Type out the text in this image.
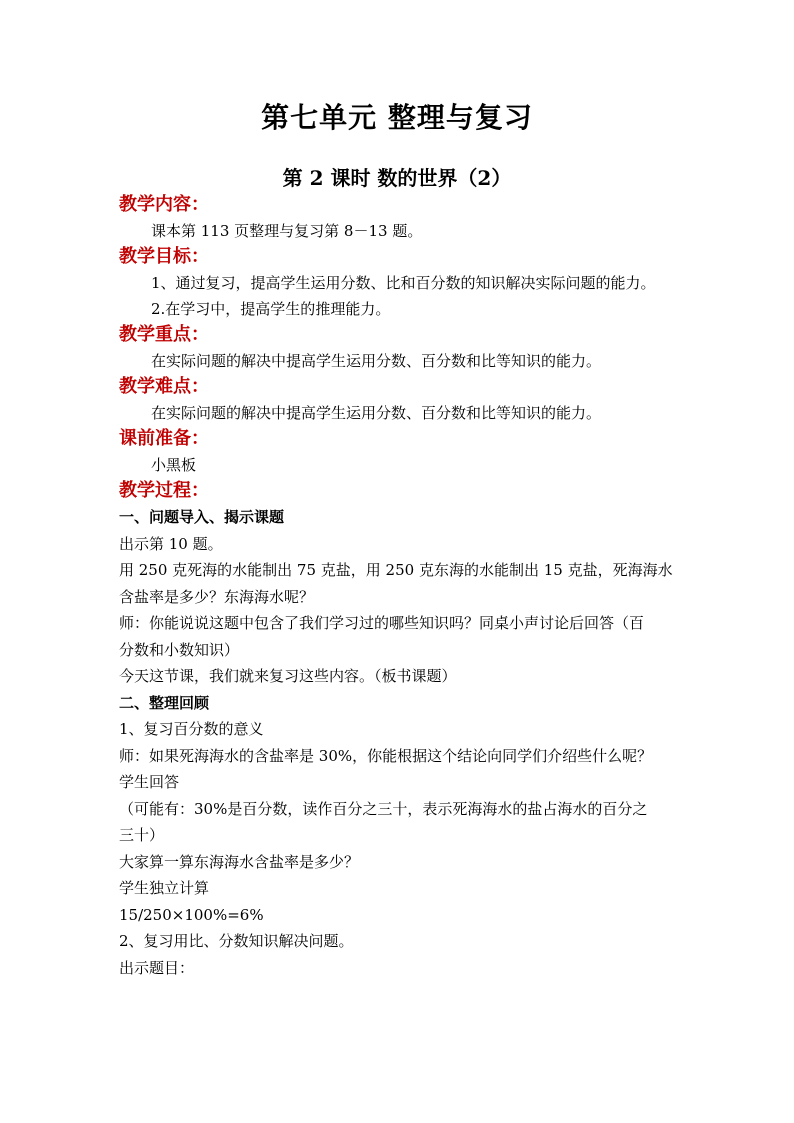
第七单元 整理与复习
第 2 课时 数的世界（2）

教学内容：

课本第 113 页整理与复习第 8－13 题。

教学目标：

1、通过复习，提高学生运用分数、比和百分数的知识解决实际问题的能力。

2.在学习中，提高学生的推理能力。

教学重点：

在实际问题的解决中提高学生运用分数、百分数和比等知识的能力。

教学难点：

在实际问题的解决中提高学生运用分数、百分数和比等知识的能力。

课前准备：

小黑板

教学过程：

一、问题导入、揭示课题

出示第 10 题。

用 250 克死海的水能制出 75 克盐，用 250 克东海的水能制出 15 克盐，死海海水

含盐率是多少？东海海水呢？

师：你能说说这题中包含了我们学习过的哪些知识吗？同桌小声讨论后回答（百

分数和小数知识）

今天这节课，我们就来复习这些内容。（板书课题）

二、整理回顾

1、复习百分数的意义

师：如果死海海水的含盐率是 30%，你能根据这个结论向同学们介绍些什么呢？

学生回答

（可能有：30%是百分数，读作百分之三十，表示死海海水的盐占海水的百分之

三十）

大家算一算东海海水含盐率是多少？

学生独立计算

15/250×100%=6%

2、复习用比、分数知识解决问题。

出示题目：
